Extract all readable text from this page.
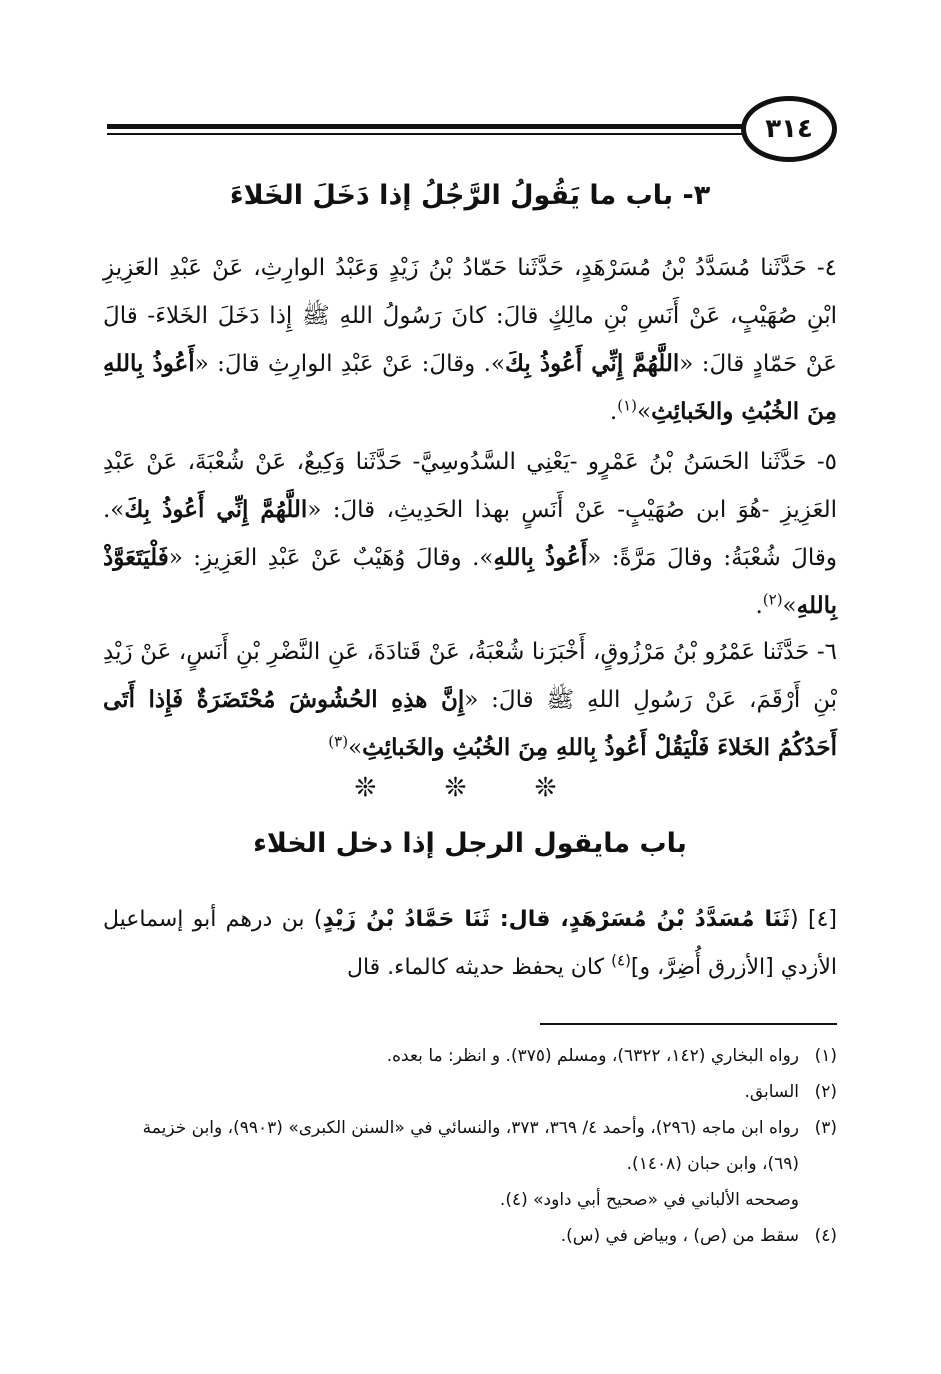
٣١٤
٣- باب ما يَقُولُ الرَّجُلُ إذا دَخَلَ الخَلاءَ
٤- حَدَّثَنا مُسَدَّدُ بْنُ مُسَرْهَدٍ، حَدَّثَنا حَمّادُ بْنُ زَيْدٍ وَعَبْدُ الوارِثِ، عَنْ عَبْدِ العَزِيزِ ابْنِ صُهَيْبٍ، عَنْ أَنَسِ بْنِ مالِكٍ قالَ: كانَ رَسُولُ اللهِ ﷺ إِذا دَخَلَ الخَلاءَ- قالَ عَنْ حَمّادٍ قالَ: «اللَّهُمَّ إِنِّي أَعُوذُ بِكَ». وقالَ: عَنْ عَبْدِ الوارِثِ قالَ: «أَعُوذُ بِاللهِ مِنَ الخُبُثِ والخَبائِثِ»$^{(١)}$.
٥- حَدَّثَنا الحَسَنُ بْنُ عَمْرٍو -يَعْنِي السَّدُوسِيَّ- حَدَّثَنا وَكِيعٌ، عَنْ شُعْبَةَ، عَنْ عَبْدِ العَزِيزِ -هُوَ ابن صُهَيْبٍ- عَنْ أَنَسٍ بهذا الحَدِيثِ، قالَ: «اللَّهُمَّ إِنِّي أَعُوذُ بِكَ». وقالَ شُعْبَةُ: وقالَ مَرَّةً: «أَعُوذُ بِاللهِ». وقالَ وُهَيْبٌ عَنْ عَبْدِ العَزِيزِ: «فَلْيَتَعَوَّذْ بِاللهِ»$^{(٢)}$.
٦- حَدَّثَنا عَمْرُو بْنُ مَرْزُوقٍ، أَخْبَرَنا شُعْبَةُ، عَنْ قَتادَةَ، عَنِ النَّضْرِ بْنِ أَنَسٍ، عَنْ زَيْدِ بْنِ أَرْقَمَ، عَنْ رَسُولِ اللهِ ﷺ قالَ: «إِنَّ هذِهِ الحُشُوشَ مُحْتَضَرَةٌ فَإِذا أَتَى أَحَدُكُمُ الخَلاءَ فَلْيَقُلْ أَعُوذُ بِاللهِ مِنَ الخُبُثِ والخَبائِثِ»$^{(٣)}$
❊ ❊ ❊
باب مايقول الرجل إذا دخل الخلاء
[٤] (ثَنَا مُسَدَّدُ بْنُ مُسَرْهَدٍ، قال: ثَنَا حَمَّادُ بْنُ زَيْدٍ) بن درهم أبو إسماعيل الأزدي [الأزرق أُضِرَّ، و]$^{(٤)}$ كان يحفظ حديثه كالماء. قال
(١)
رواه البخاري (١٤٢، ٦٣٢٢)، ومسلم (٣٧٥). و انظر: ما بعده.
(٢)
السابق.
(٣)
رواه ابن ماجه (٢٩٦)، وأحمد ٤/ ٣٦٩، ٣٧٣، والنسائي في «السنن الكبرى» (٩٩٠٣)، وابن خزيمة (٦٩)، وابن حبان (١٤٠٨).
وصححه الألباني في «صحيح أبي داود» (٤).
(٤)
سقط من (ص) ، وبياض في (س).
